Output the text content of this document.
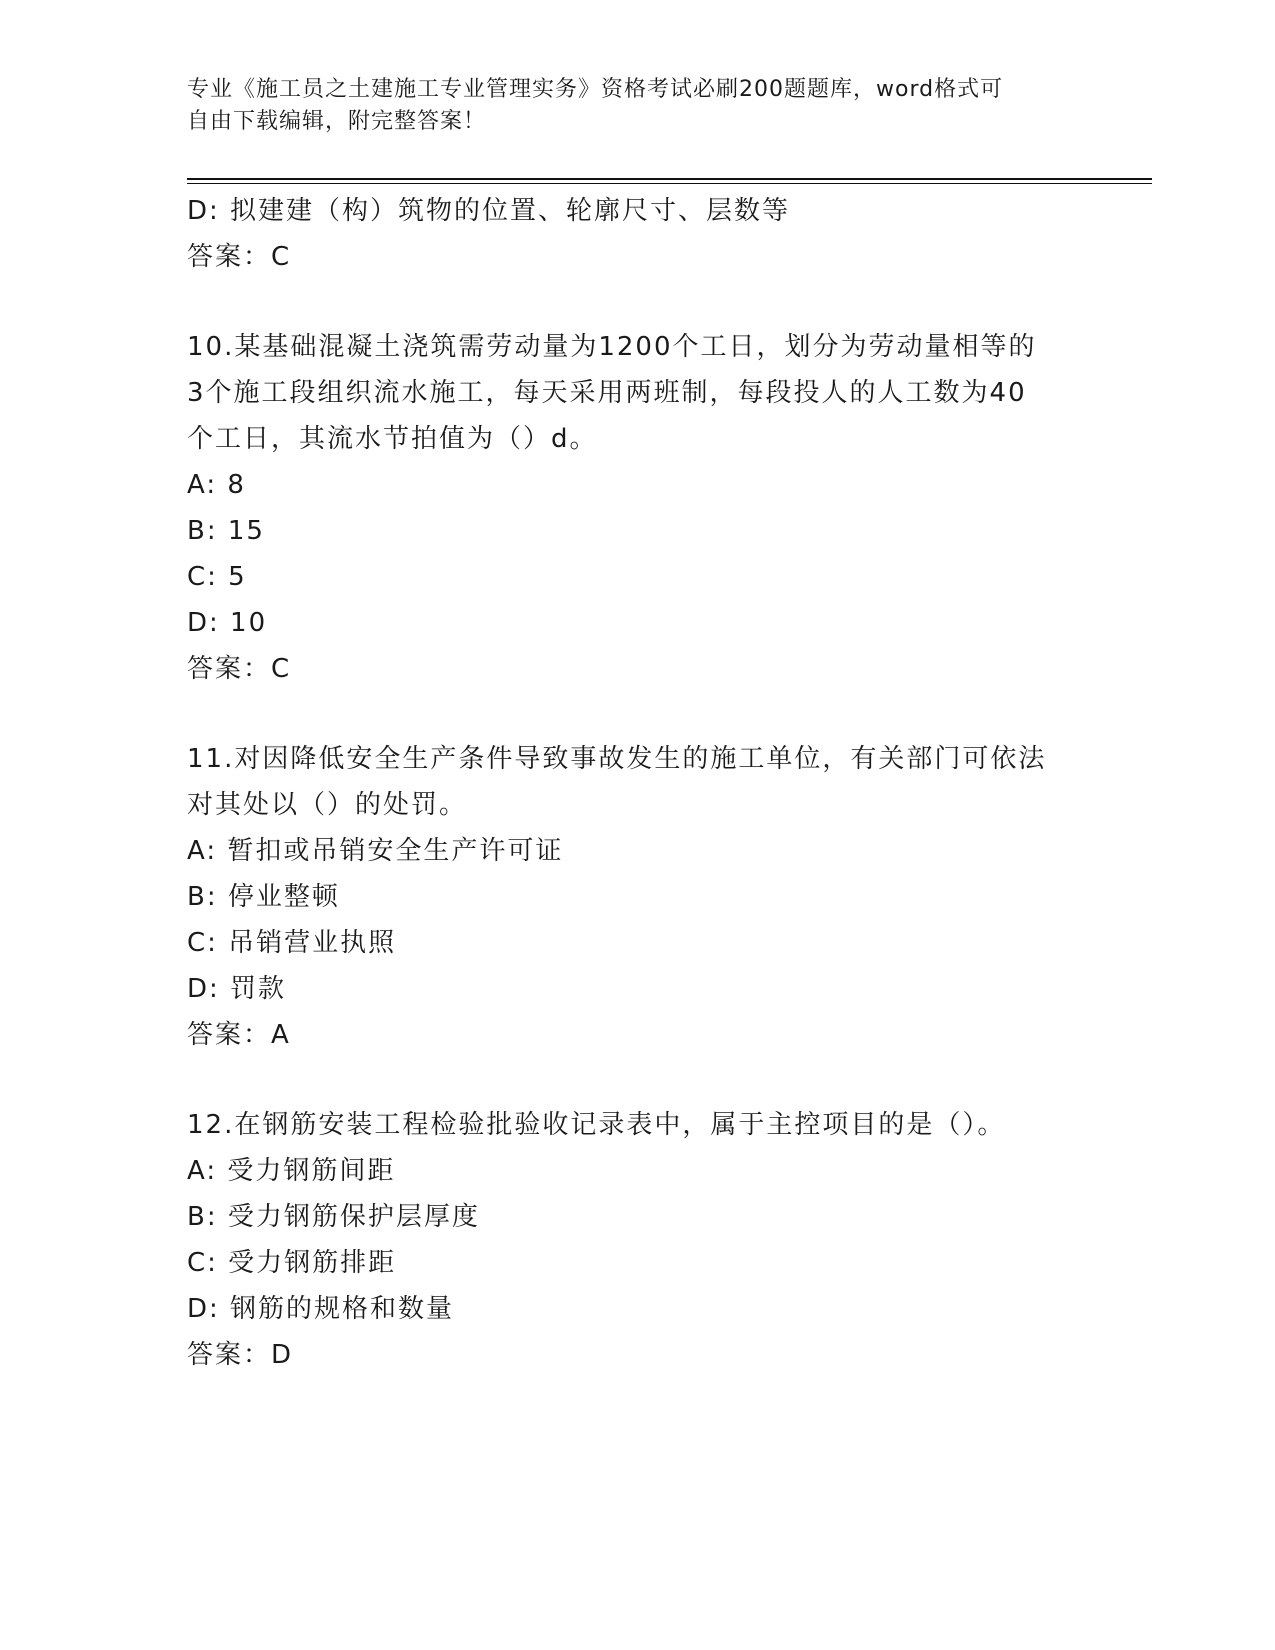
专业《施工员之土建施工专业管理实务》资格考试必刷200题题库，word格式可
自由下载编辑，附完整答案！
D: 拟建建（构）筑物的位置、轮廓尺寸、层数等
答案：C
10.某基础混凝土浇筑需劳动量为1200个工日，划分为劳动量相等的
3个施工段组织流水施工，每天采用两班制，每段投人的人工数为40
个工日，其流水节拍值为（）d。
A: 8
B: 15
C: 5
D: 10
答案：C
11.对因降低安全生产条件导致事故发生的施工单位，有关部门可依法
对其处以（）的处罚。
A: 暂扣或吊销安全生产许可证
B: 停业整顿
C: 吊销营业执照
D: 罚款
答案：A
12.在钢筋安装工程检验批验收记录表中，属于主控项目的是（）。
A: 受力钢筋间距
B: 受力钢筋保护层厚度
C: 受力钢筋排距
D: 钢筋的规格和数量
答案：D
